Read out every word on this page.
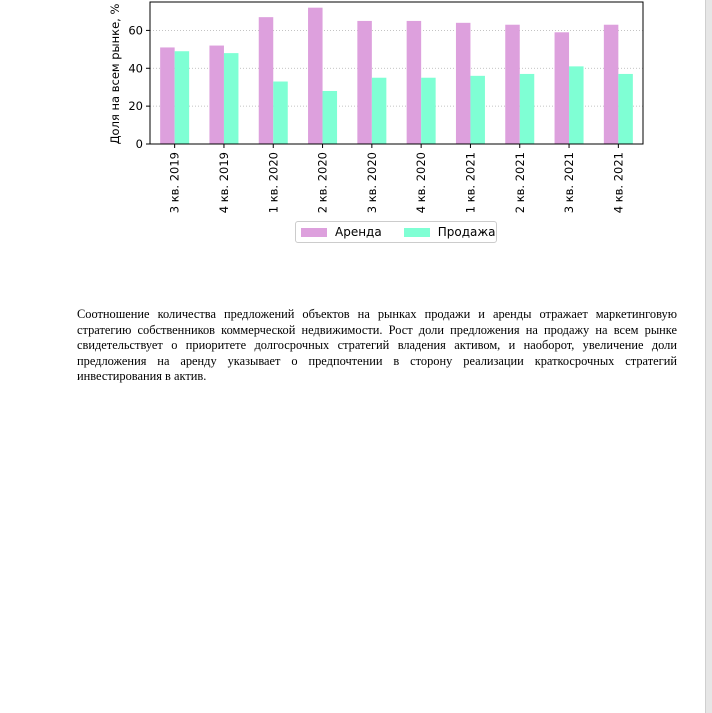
0
20
40
60
3 кв. 2019	4 кв. 2019	1 кв. 2020	2 кв. 2020	3 кв. 2020	4 кв. 2020	1 кв. 2021	2 кв. 2021	3 кв. 2021	4 кв. 2021
Доля на всем рынке, %
Аренда	Продажа

Соотношение количества предложений объектов на рынках продажи и аренды отражает маркетинговую стратегию собственников коммерческой недвижимости. Рост доли предложения на продажу на всем рынке свидетельствует о приоритете долгосрочных стратегий владения активом, и наоборот, увеличение доли предложения на аренду указывает о предпочтении в сторону реализации краткосрочных стратегий инвестирования в актив.
